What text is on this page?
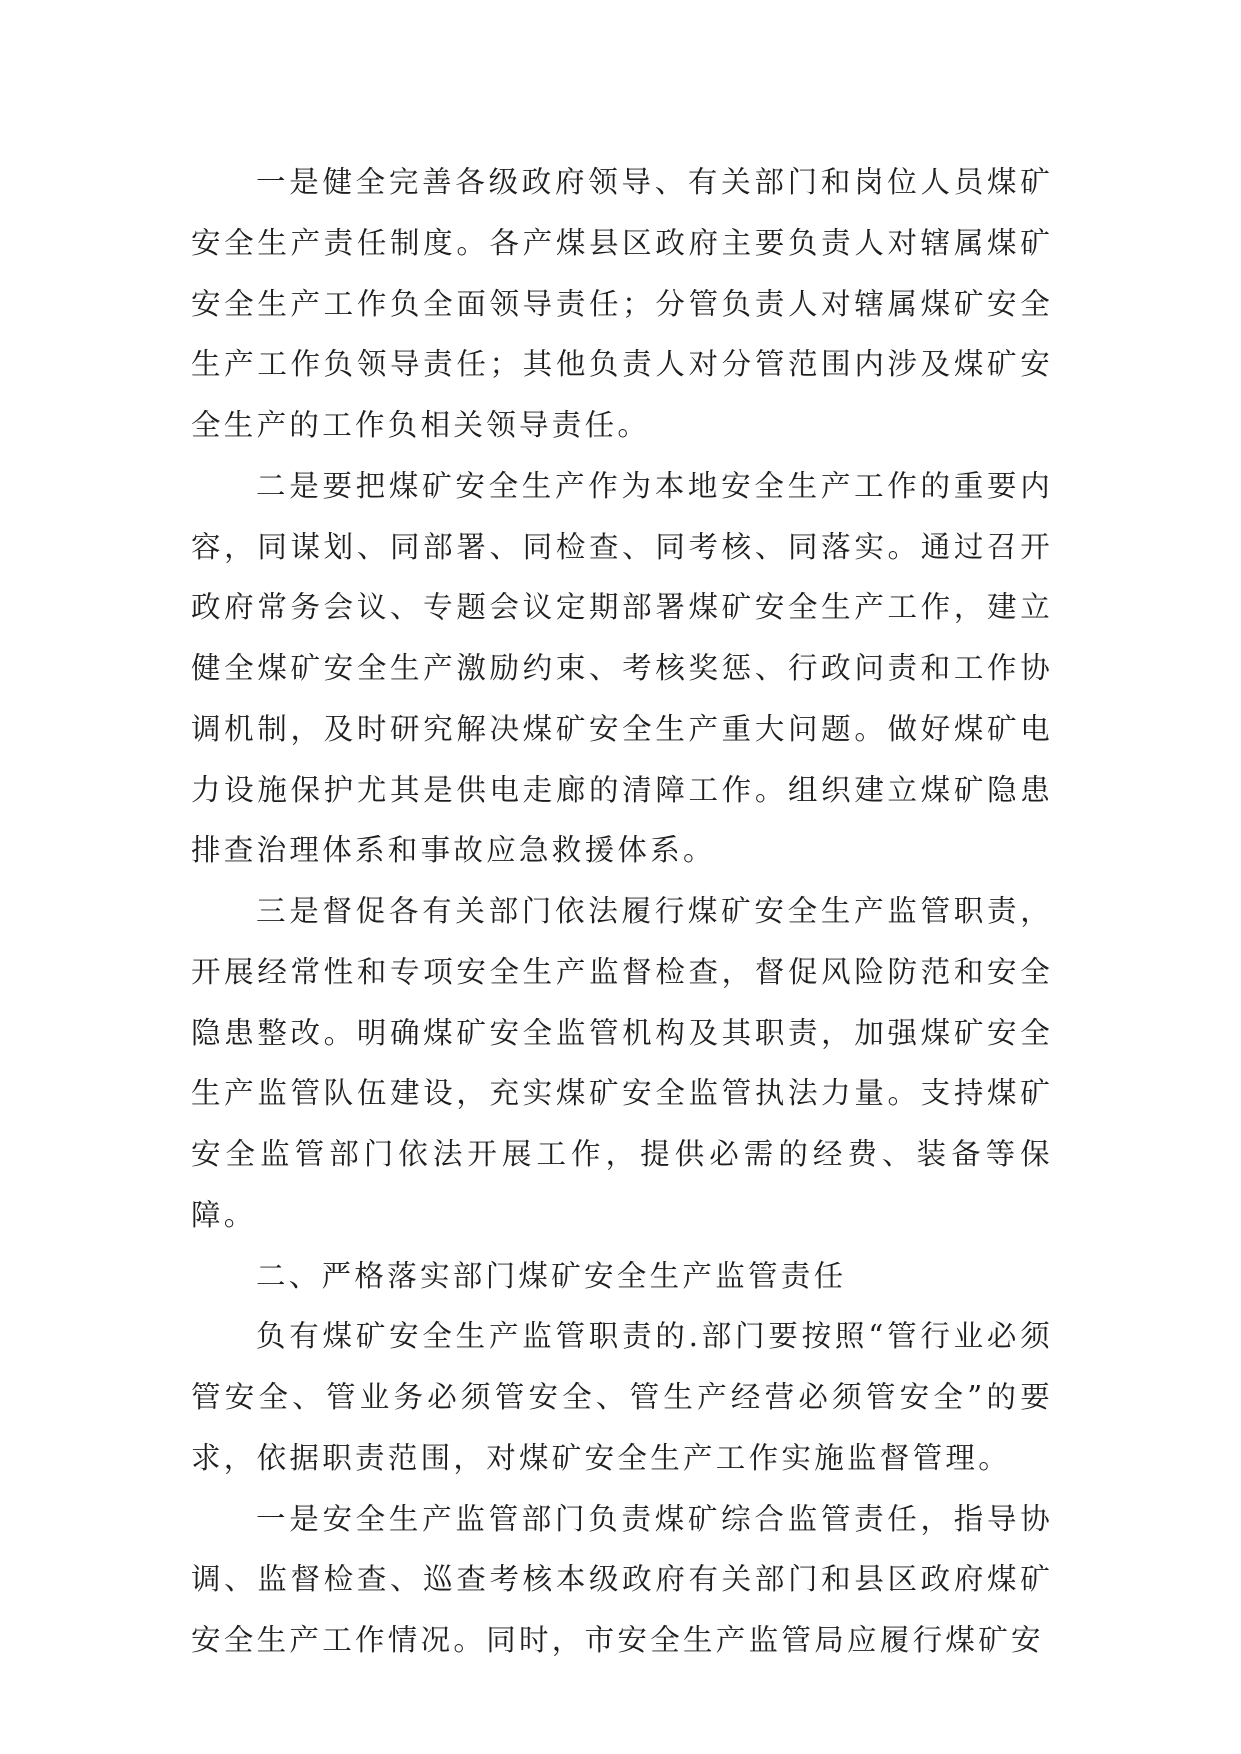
一是健全完善各级政府领导、有关部门和岗位人员煤矿安全生产责任制度。各产煤县区政府主要负责人对辖属煤矿安全生产工作负全面领导责任；分管负责人对辖属煤矿安全生产工作负领导责任；其他负责人对分管范围内涉及煤矿安全生产的工作负相关领导责任。

二是要把煤矿安全生产作为本地安全生产工作的重要内容，同谋划、同部署、同检查、同考核、同落实。通过召开政府常务会议、专题会议定期部署煤矿安全生产工作，建立健全煤矿安全生产激励约束、考核奖惩、行政问责和工作协调机制，及时研究解决煤矿安全生产重大问题。做好煤矿电力设施保护尤其是供电走廊的清障工作。组织建立煤矿隐患排查治理体系和事故应急救援体系。

三是督促各有关部门依法履行煤矿安全生产监管职责，开展经常性和专项安全生产监督检查，督促风险防范和安全隐患整改。明确煤矿安全监管机构及其职责，加强煤矿安全生产监管队伍建设，充实煤矿安全监管执法力量。支持煤矿安全监管部门依法开展工作，提供必需的经费、装备等保障。

二、严格落实部门煤矿安全生产监管责任

负有煤矿安全生产监管职责的.部门要按照“管行业必须管安全、管业务必须管安全、管生产经营必须管安全”的要求，依据职责范围，对煤矿安全生产工作实施监督管理。

一是安全生产监管部门负责煤矿综合监管责任，指导协调、监督检查、巡查考核本级政府有关部门和县区政府煤矿安全生产工作情况。同时，市安全生产监管局应履行煤矿安
